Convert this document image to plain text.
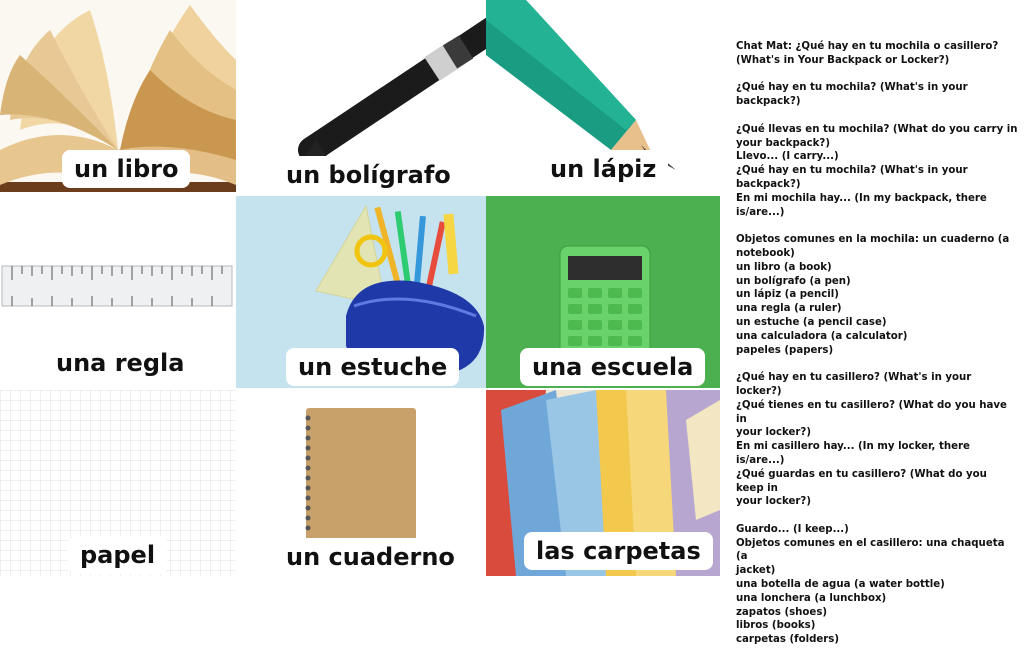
un libro	un bolígrafo	un lápiz
una regla	un estuche	una escuela
papel	un cuaderno	las carpetas
Chat Mat: ¿Qué hay en tu mochila o casillero?
(What's in Your Backpack or Locker?)
¿Qué hay en tu mochila? (What's in your backpack?)
¿Qué llevas en tu mochila? (What do you carry in
your backpack?)
Llevo... (I carry...)
¿Qué hay en tu mochila? (What's in your backpack?)
En mi mochila hay... (In my backpack, there is/are...)
Objetos comunes en la mochila: un cuaderno (a
notebook)
un libro (a book)
un bolígrafo (a pen)
un lápiz (a pencil)
una regla (a ruler)
un estuche (a pencil case)
una calculadora (a calculator)
papeles (papers)
¿Qué hay en tu casillero? (What's in your locker?)
¿Qué tienes en tu casillero? (What do you have in
your locker?)
En mi casillero hay... (In my locker, there is/are...)
¿Qué guardas en tu casillero? (What do you keep in
your locker?)
Guardo... (I keep...)
Objetos comunes en el casillero: una chaqueta (a
jacket)
una botella de agua (a water bottle)
una lonchera (a lunchbox)
zapatos (shoes)
libros (books)
carpetas (folders)
